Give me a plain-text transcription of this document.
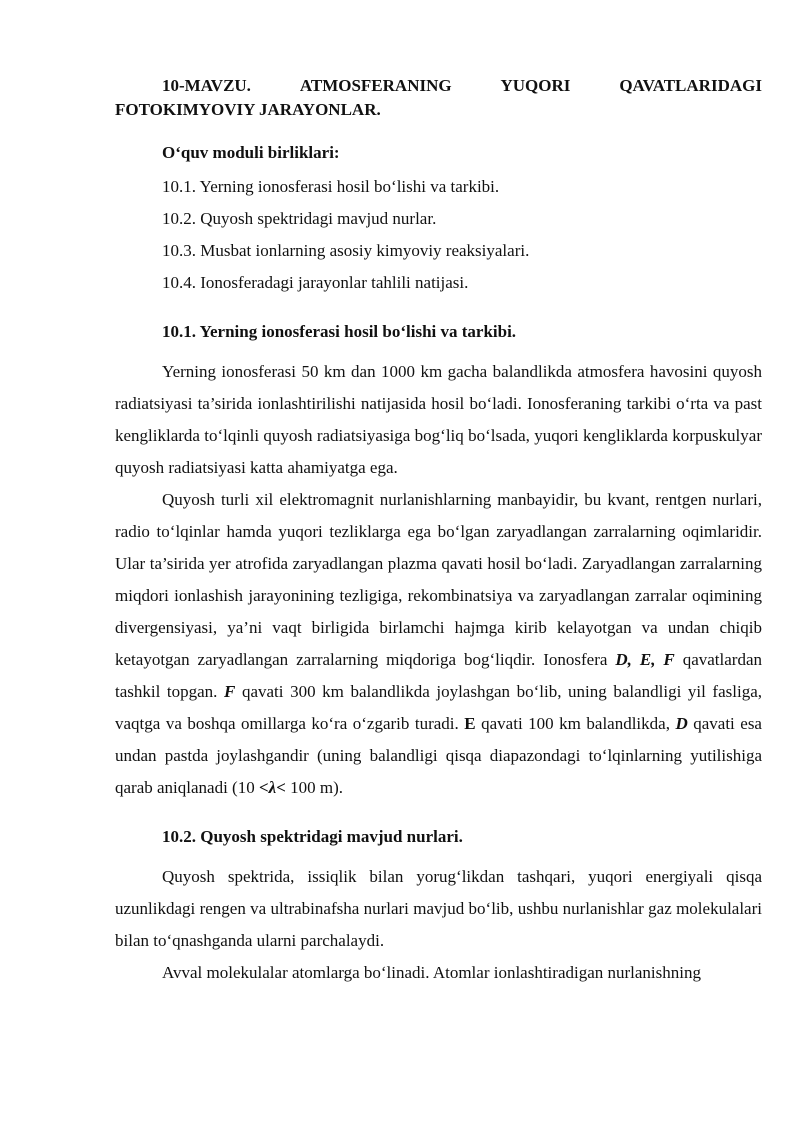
10-MAVZU.	ATMOSFERANING	YUQORI	QAVATLARIDAGI
FOTOKIMYOVIY JARAYONLAR.
O‘quv moduli birliklari:
10.1. Yerning ionosferasi hosil bo‘lishi va tarkibi.
10.2. Quyosh spektridagi mavjud nurlar.
10.3. Musbat ionlarning asosiy kimyoviy reaksiyalari.
10.4. Ionosferadagi jarayonlar tahlili natijasi.
10.1. Yerning ionosferasi hosil bo‘lishi va tarkibi.

Yerning ionosferasi 50 km dan 1000 km gacha balandlikda atmosfera havosini quyosh radiatsiyasi ta’sirida ionlashtirilishi natijasida hosil bo‘ladi. Ionosferaning tarkibi o‘rta va past kengliklarda to‘lqinli quyosh radiatsiyasiga bog‘liq bo‘lsada, yuqori kengliklarda korpuskulyar quyosh radiatsiyasi katta ahamiyatga ega.

Quyosh turli xil elektromagnit nurlanishlarning manbayidir, bu kvant, rentgen nurlari, radio to‘lqinlar hamda yuqori tezliklarga ega bo‘lgan zaryadlangan zarralarning oqimlaridir. Ular ta’sirida yer atrofida zaryadlangan plazma qavati hosil bo‘ladi. Zaryadlangan zarralarning miqdori ionlashish jarayonining tezligiga, rekombinatsiya va zaryadlangan zarralar oqimining divergensiyasi, ya’ni vaqt birligida birlamchi hajmga kirib kelayotgan va undan chiqib ketayotgan zaryadlangan zarralarning miqdoriga bog‘liqdir. Ionosfera D, E, F qavatlardan tashkil topgan. F qavati 300 km balandlikda joylashgan bo‘lib, uning balandligi yil fasliga, vaqtga va boshqa omillarga ko‘ra o‘zgarib turadi. E qavati 100 km balandlikda, D qavati esa undan pastda joylashgandir (uning balandligi qisqa diapazondagi to‘lqinlarning yutilishiga qarab aniqlanadi (10 <λ< 100 m).

10.2. Quyosh spektridagi mavjud nurlari.

Quyosh spektrida, issiqlik bilan yorug‘likdan tashqari, yuqori energiyali qisqa uzunlikdagi rengen va ultrabinafsha nurlari mavjud bo‘lib, ushbu nurlanishlar gaz molekulalari bilan to‘qnashganda ularni parchalaydi.

Avval molekulalar atomlarga bo‘linadi. Atomlar ionlashtiradigan nurlanishning
